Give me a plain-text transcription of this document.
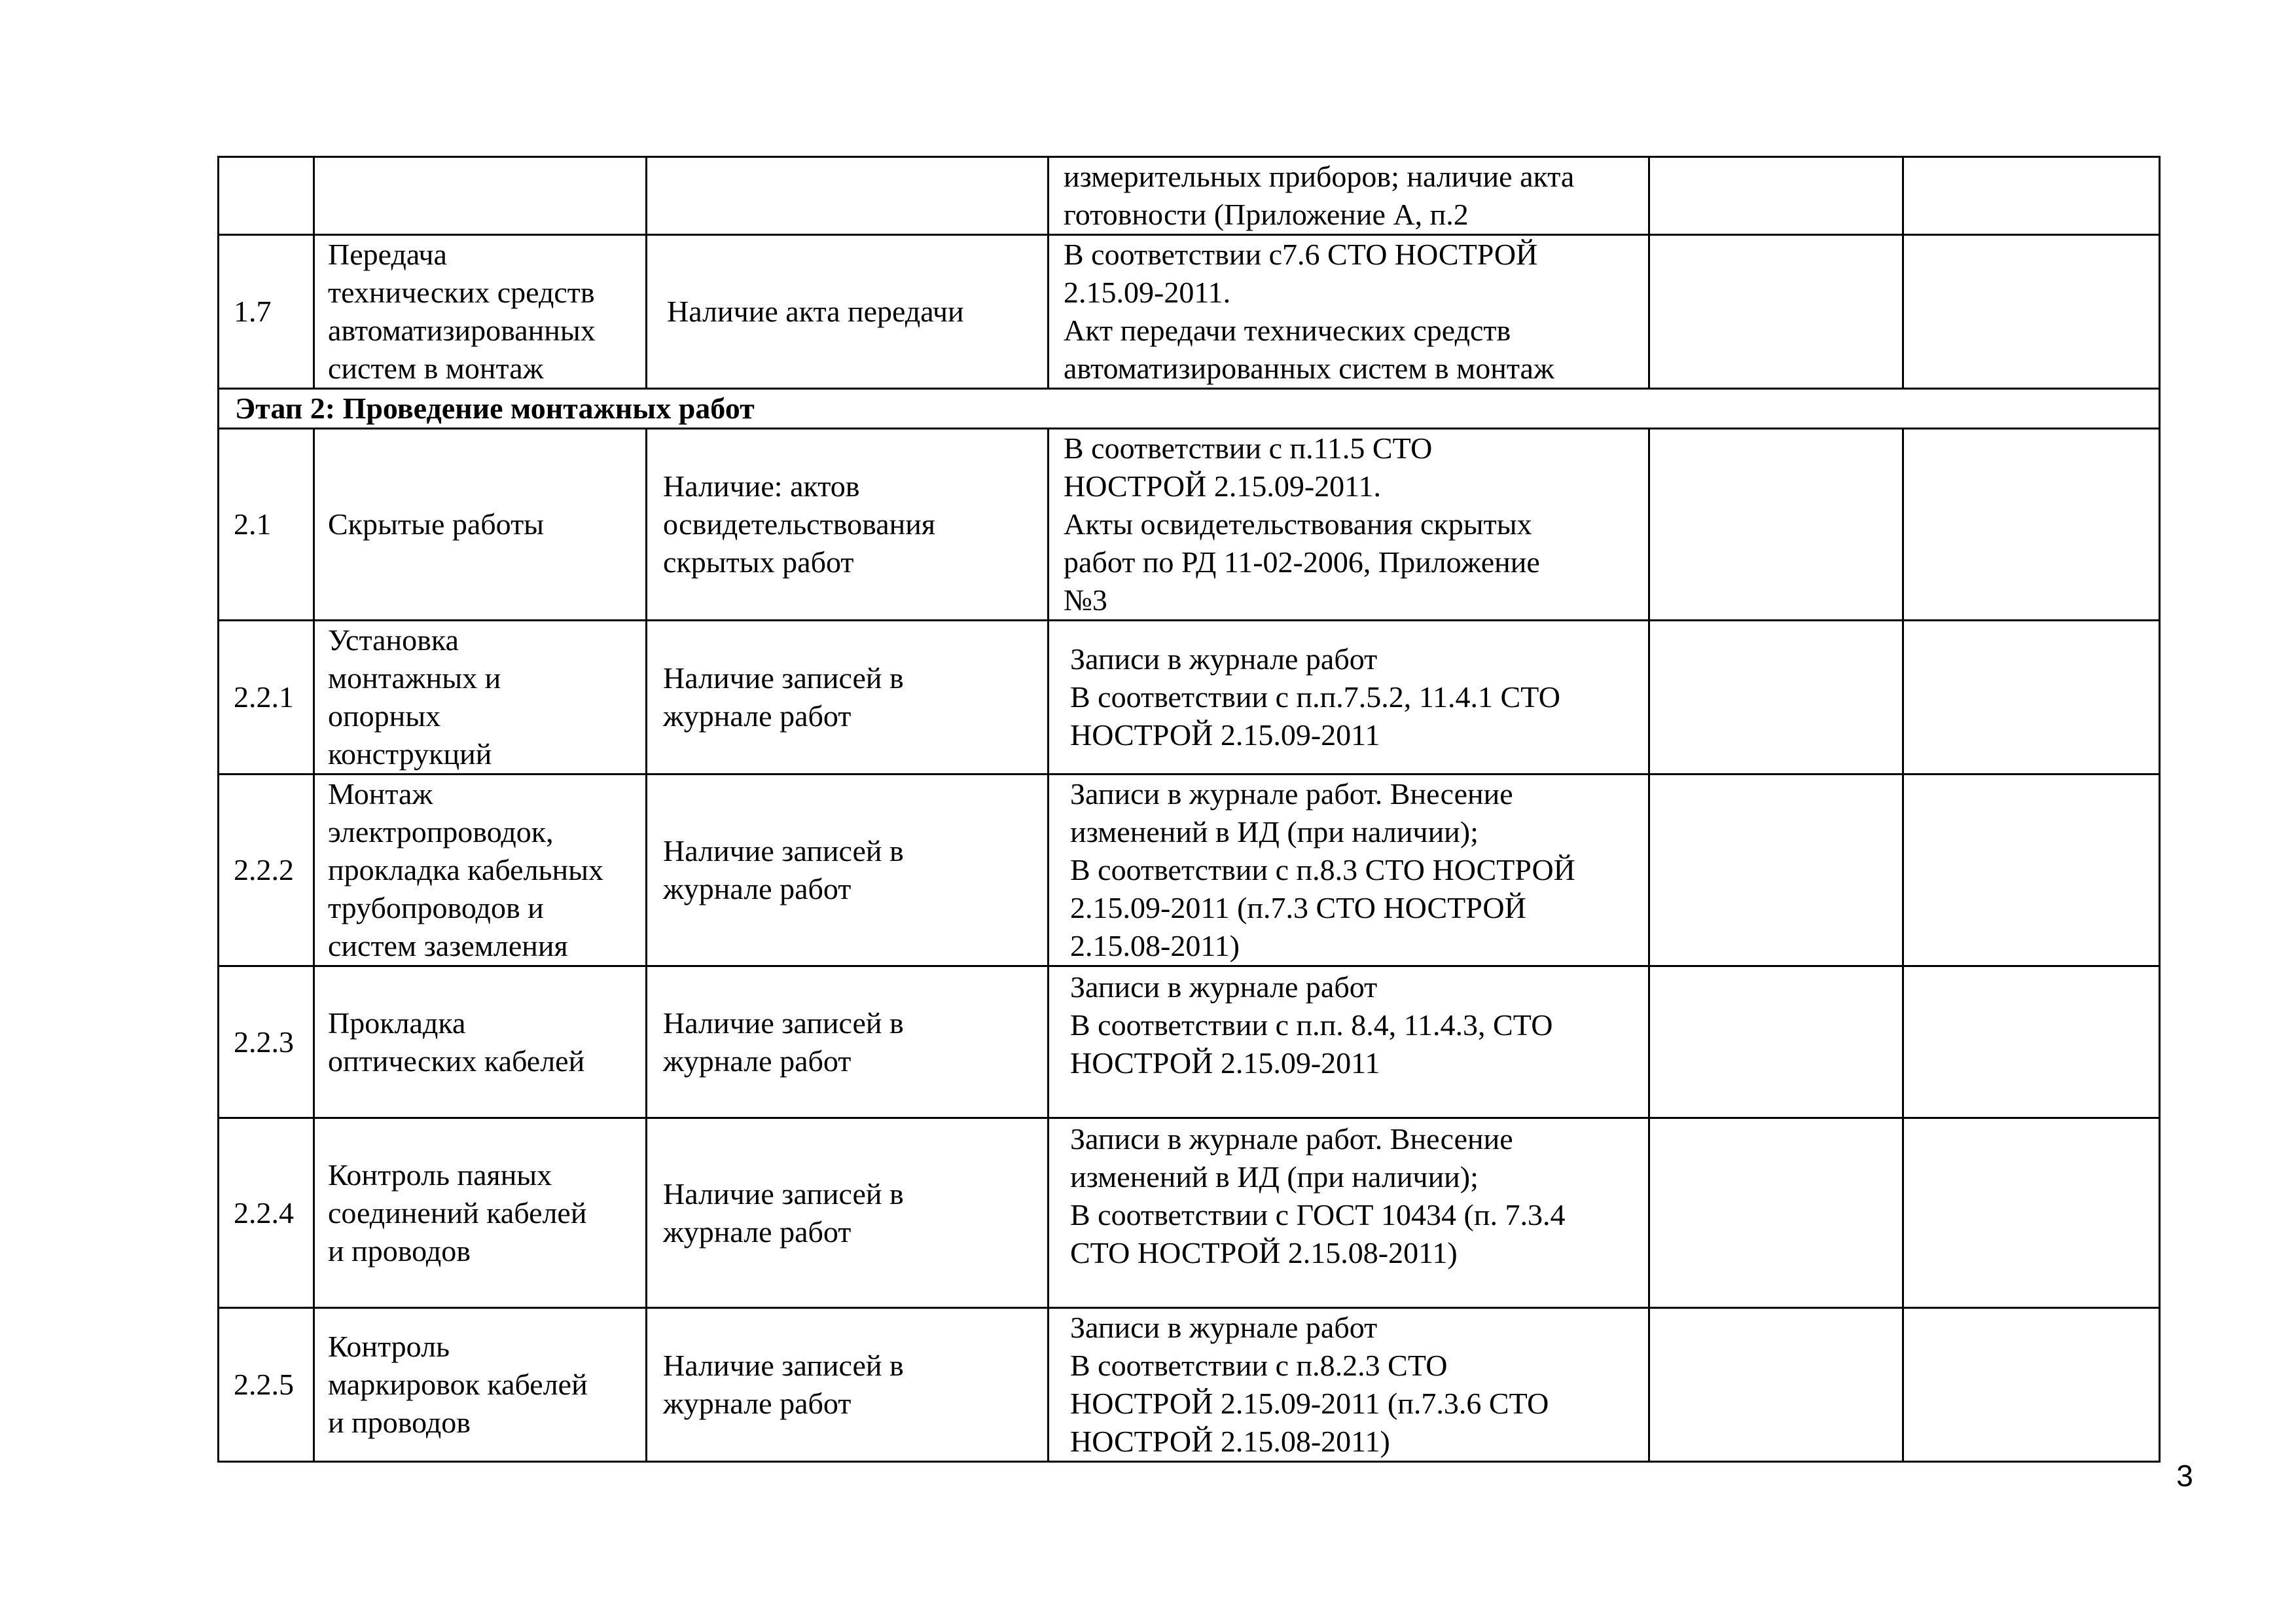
			измерительных приборов; наличие акта
готовности (Приложение А, п.2		
1.7	Передача
технических средств
автоматизированных
систем в монтаж	Наличие акта передачи	В соответствии с7.6 СТО НОСТРОЙ
2.15.09-2011.
Акт передачи технических средств
автоматизированных систем в монтаж		
Этап 2: Проведение монтажных работ					
2.1	Скрытые работы	Наличие: актов
освидетельствования
скрытых работ	В соответствии с п.11.5 СТО
НОСТРОЙ 2.15.09-2011.
Акты освидетельствования скрытых
работ по РД 11-02-2006, Приложение
№3		
2.2.1	Установка
монтажных и
опорных
конструкций	Наличие записей в
журнале работ	Записи в журнале работ
В соответствии с п.п.7.5.2, 11.4.1 СТО
НОСТРОЙ 2.15.09-2011		
2.2.2	Монтаж
электропроводок,
прокладка кабельных
трубопроводов и
систем заземления	Наличие записей в
журнале работ	Записи в журнале работ. Внесение
изменений в ИД (при наличии);
В соответствии с п.8.3 СТО НОСТРОЙ
2.15.09-2011 (п.7.3 СТО НОСТРОЙ
2.15.08-2011)		
2.2.3	Прокладка
оптических кабелей	Наличие записей в
журнале работ	Записи в журнале работ
В соответствии с п.п. 8.4, 11.4.3, СТО
НОСТРОЙ 2.15.09-2011		
2.2.4	Контроль паяных
соединений кабелей
и проводов	Наличие записей в
журнале работ	Записи в журнале работ. Внесение
изменений в ИД (при наличии);
В соответствии с ГОСТ 10434 (п. 7.3.4
СТО НОСТРОЙ 2.15.08-2011)		
2.2.5	Контроль
маркировок кабелей
и проводов	Наличие записей в
журнале работ	Записи в журнале работ
В соответствии с п.8.2.3 СТО
НОСТРОЙ 2.15.09-2011 (п.7.3.6 СТО
НОСТРОЙ 2.15.08-2011)		
3
